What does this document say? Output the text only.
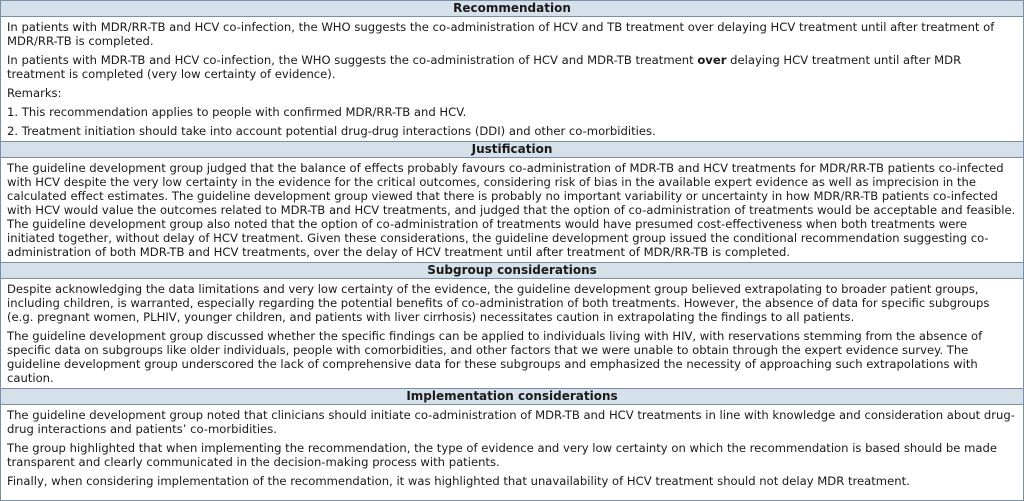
Recommendation

In patients with MDR/RR-TB and HCV co-infection, the WHO suggests the co-administration of HCV and TB treatment over delaying HCV treatment until after treatment of MDR/RR-TB is completed.

In patients with MDR-TB and HCV co-infection, the WHO suggests the co-administration of HCV and MDR-TB treatment over delaying HCV treatment until after MDR treatment is completed (very low certainty of evidence).

Remarks:

1. This recommendation applies to people with confirmed MDR/RR-TB and HCV.

2. Treatment initiation should take into account potential drug-drug interactions (DDI) and other co-morbidities.

Justification

The guideline development group judged that the balance of effects probably favours co-administration of MDR-TB and HCV treatments for MDR/RR-TB patients co-infected with HCV despite the very low certainty in the evidence for the critical outcomes, considering risk of bias in the available expert evidence as well as imprecision in the calculated effect estimates. The guideline development group viewed that there is probably no important variability or uncertainty in how MDR/RR-TB patients co-infected with HCV would value the outcomes related to MDR-TB and HCV treatments, and judged that the option of co-administration of treatments would be acceptable and feasible. The guideline development group also noted that the option of co-administration of treatments would have presumed cost-effectiveness when both treatments were initiated together, without delay of HCV treatment. Given these considerations, the guideline development group issued the conditional recommendation suggesting co-administration of both MDR-TB and HCV treatments, over the delay of HCV treatment until after treatment of MDR/RR-TB is completed.

Subgroup considerations

Despite acknowledging the data limitations and very low certainty of the evidence, the guideline development group believed extrapolating to broader patient groups, including children, is warranted, especially regarding the potential benefits of co-administration of both treatments. However, the absence of data for specific subgroups (e.g. pregnant women, PLHIV, younger children, and patients with liver cirrhosis) necessitates caution in extrapolating the findings to all patients.

The guideline development group discussed whether the specific findings can be applied to individuals living with HIV, with reservations stemming from the absence of specific data on subgroups like older individuals, people with comorbidities, and other factors that we were unable to obtain through the expert evidence survey. The guideline development group underscored the lack of comprehensive data for these subgroups and emphasized the necessity of approaching such extrapolations with caution.

Implementation considerations

The guideline development group noted that clinicians should initiate co-administration of MDR-TB and HCV treatments in line with knowledge and consideration about drug-drug interactions and patients’ co-morbidities.

The group highlighted that when implementing the recommendation, the type of evidence and very low certainty on which the recommendation is based should be made transparent and clearly communicated in the decision-making process with patients.

Finally, when considering implementation of the recommendation, it was highlighted that unavailability of HCV treatment should not delay MDR treatment.
